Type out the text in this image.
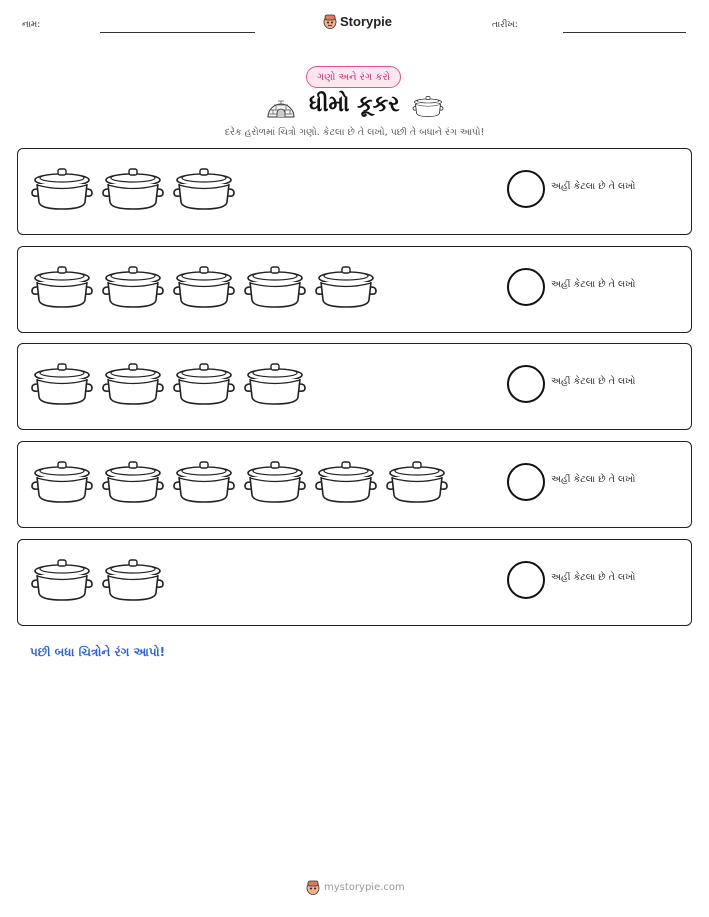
નામ:	Storypie	તારીખ:
ગણો અને રંગ કરો
ધીમો કૂકર
દરેક હરોળમાં ચિત્રો ગણો. કેટલા છે તે લખો, પછી તે બધાને રંગ આપો!
અહીં કેટલા છે તે લખો
અહીં કેટલા છે તે લખો
અહીં કેટલા છે તે લખો
અહીં કેટલા છે તે લખો
અહીં કેટલા છે તે લખો
પછી બધા ચિત્રોને રંગ આપો!
mystorypie.com
